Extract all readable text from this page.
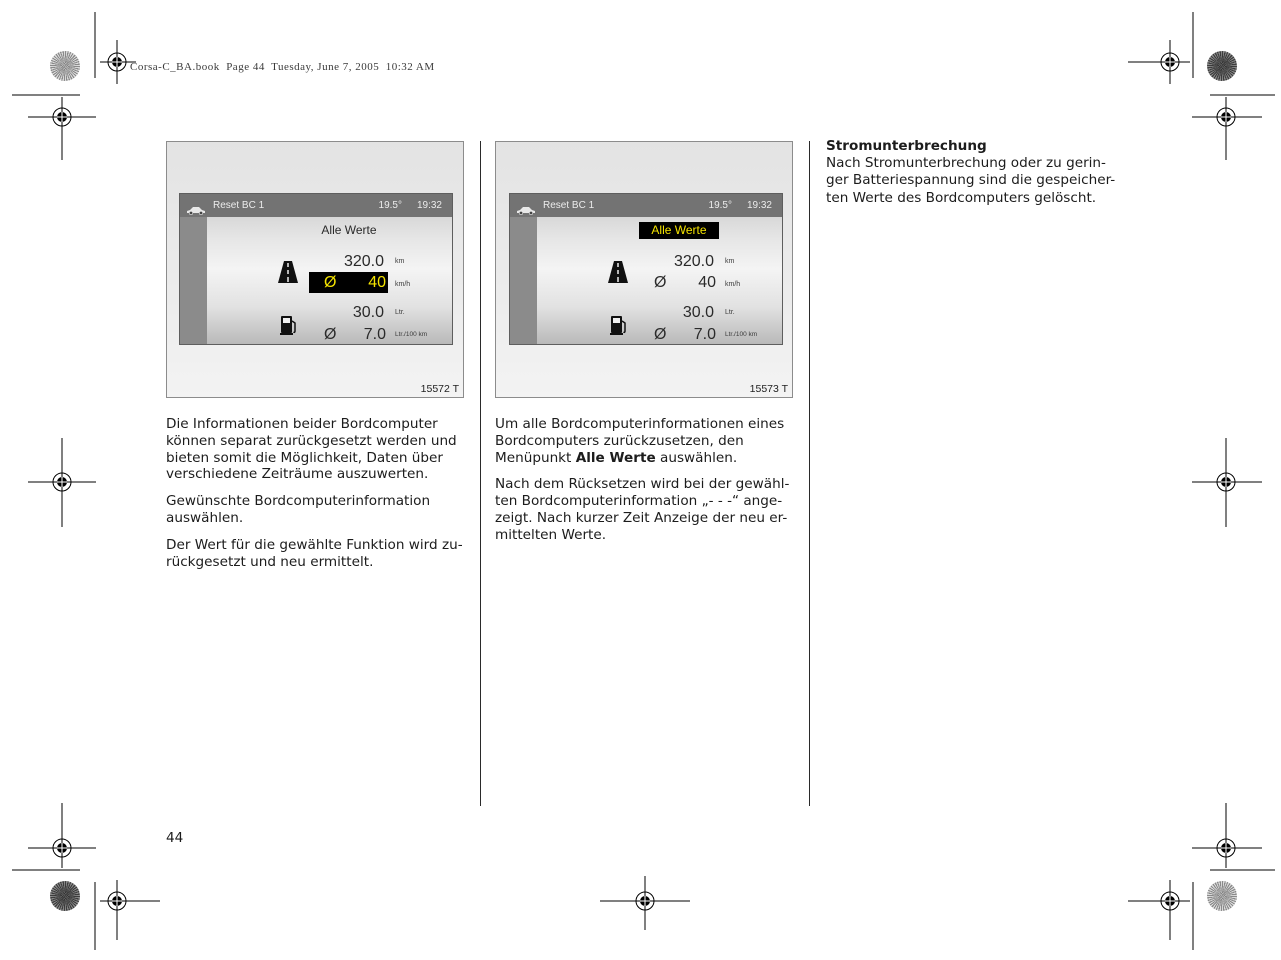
Corsa-C_BA.book  Page 44  Tuesday, June 7, 2005  10:32 AM
Reset BC 1	19.5° 19:32
Alle Werte
320.0 km
Ø 40 km/h
30.0 Ltr.
Ø 7.0 Ltr./100 km
15572 T
Reset BC 1	19.5° 19:32
Alle Werte
320.0 km
Ø 40 km/h
30.0 Ltr.
Ø 7.0 Ltr./100 km
15573 T

Die Informationen beider Bordcomputer
können separat zurückgesetzt werden und
bieten somit die Möglichkeit, Daten über
verschiedene Zeiträume auszuwerten.

Gewünschte Bordcomputerinformation
auswählen.

Der Wert für die gewählte Funktion wird zu-
rückgesetzt und neu ermittelt.

Um alle Bordcomputerinformationen eines
Bordcomputers zurückzusetzen, den
Menüpunkt Alle Werte auswählen.

Nach dem Rücksetzen wird bei der gewähl-
ten Bordcomputerinformation „- - -“ ange-
zeigt. Nach kurzer Zeit Anzeige der neu er-
mittelten Werte.

Stromunterbrechung

Nach Stromunterbrechung oder zu gerin-
ger Batteriespannung sind die gespeicher-
ten Werte des Bordcomputers gelöscht.

44
